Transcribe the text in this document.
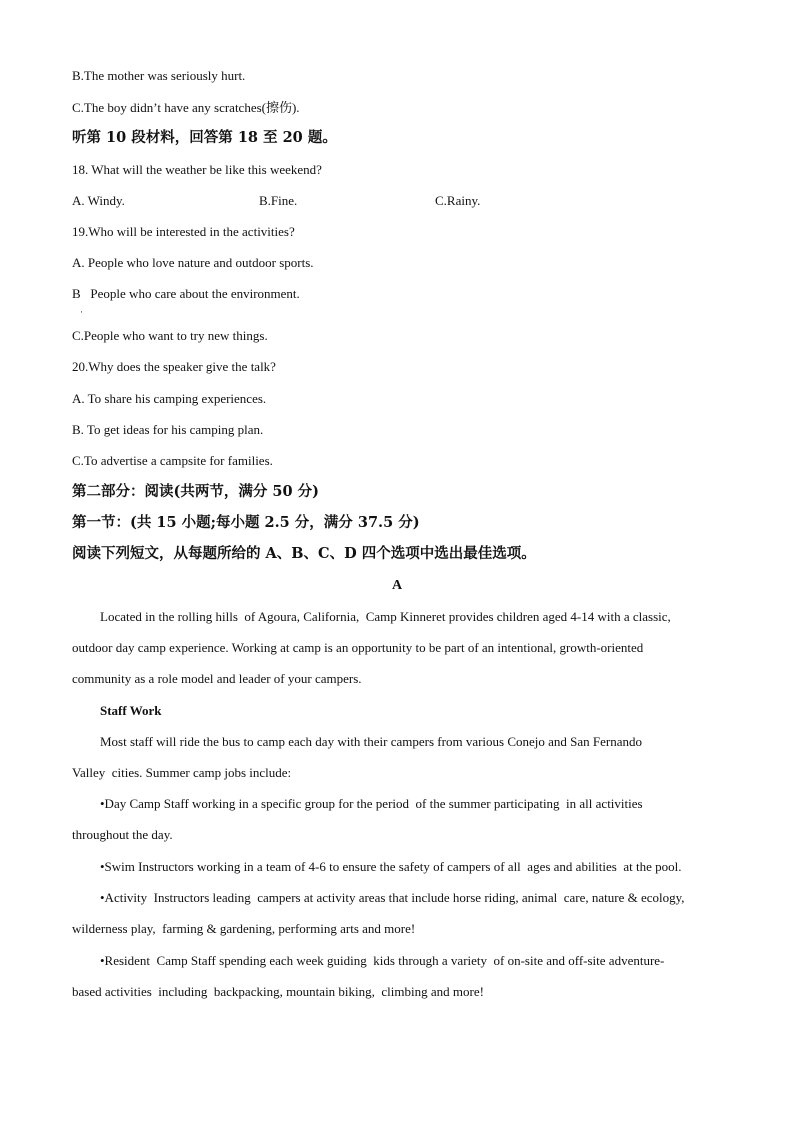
B.The mother was seriously hurt.
C.The boy didn’t have any scratches(擦伤).
听第 10 段材料，回答第 18 至 20 题。
18. What will the weather be like this weekend?
A. Windy.	B.Fine.	C.Rainy.
19.Who will be interested in the activities?
A. People who love nature and outdoor sports.
B   People who care about the environment.
·
C.People who want to try new things.
20.Why does the speaker give the talk?
A. To share his camping experiences.
B. To get ideas for his camping plan.
C.To advertise a campsite for families.
第二部分：阅读(共两节，满分 50 分)
第一节：(共 15 小题;每小题 2.5 分，满分 37.5 分)
阅读下列短文，从每题所给的 A、B、C、D 四个选项中选出最佳选项。
A
Located in the rolling hills  of Agoura, California,  Camp Kinneret provides children aged 4-14 with a classic,
outdoor day camp experience. Working at camp is an opportunity to be part of an intentional, growth-oriented
community as a role model and leader of your campers.
Staff Work
Most staff will ride the bus to camp each day with their campers from various Conejo and San Fernando
Valley  cities. Summer camp jobs include:
•Day Camp Staff working in a specific group for the period  of the summer participating  in all activities
throughout the day.
•Swim Instructors working in a team of 4-6 to ensure the safety of campers of all  ages and abilities  at the pool.
•Activity  Instructors leading  campers at activity areas that include horse riding, animal  care, nature & ecology,
wilderness play,  farming & gardening, performing arts and more!
•Resident  Camp Staff spending each week guiding  kids through a variety  of on-site and off-site adventure-
based activities  including  backpacking, mountain biking,  climbing and more!
